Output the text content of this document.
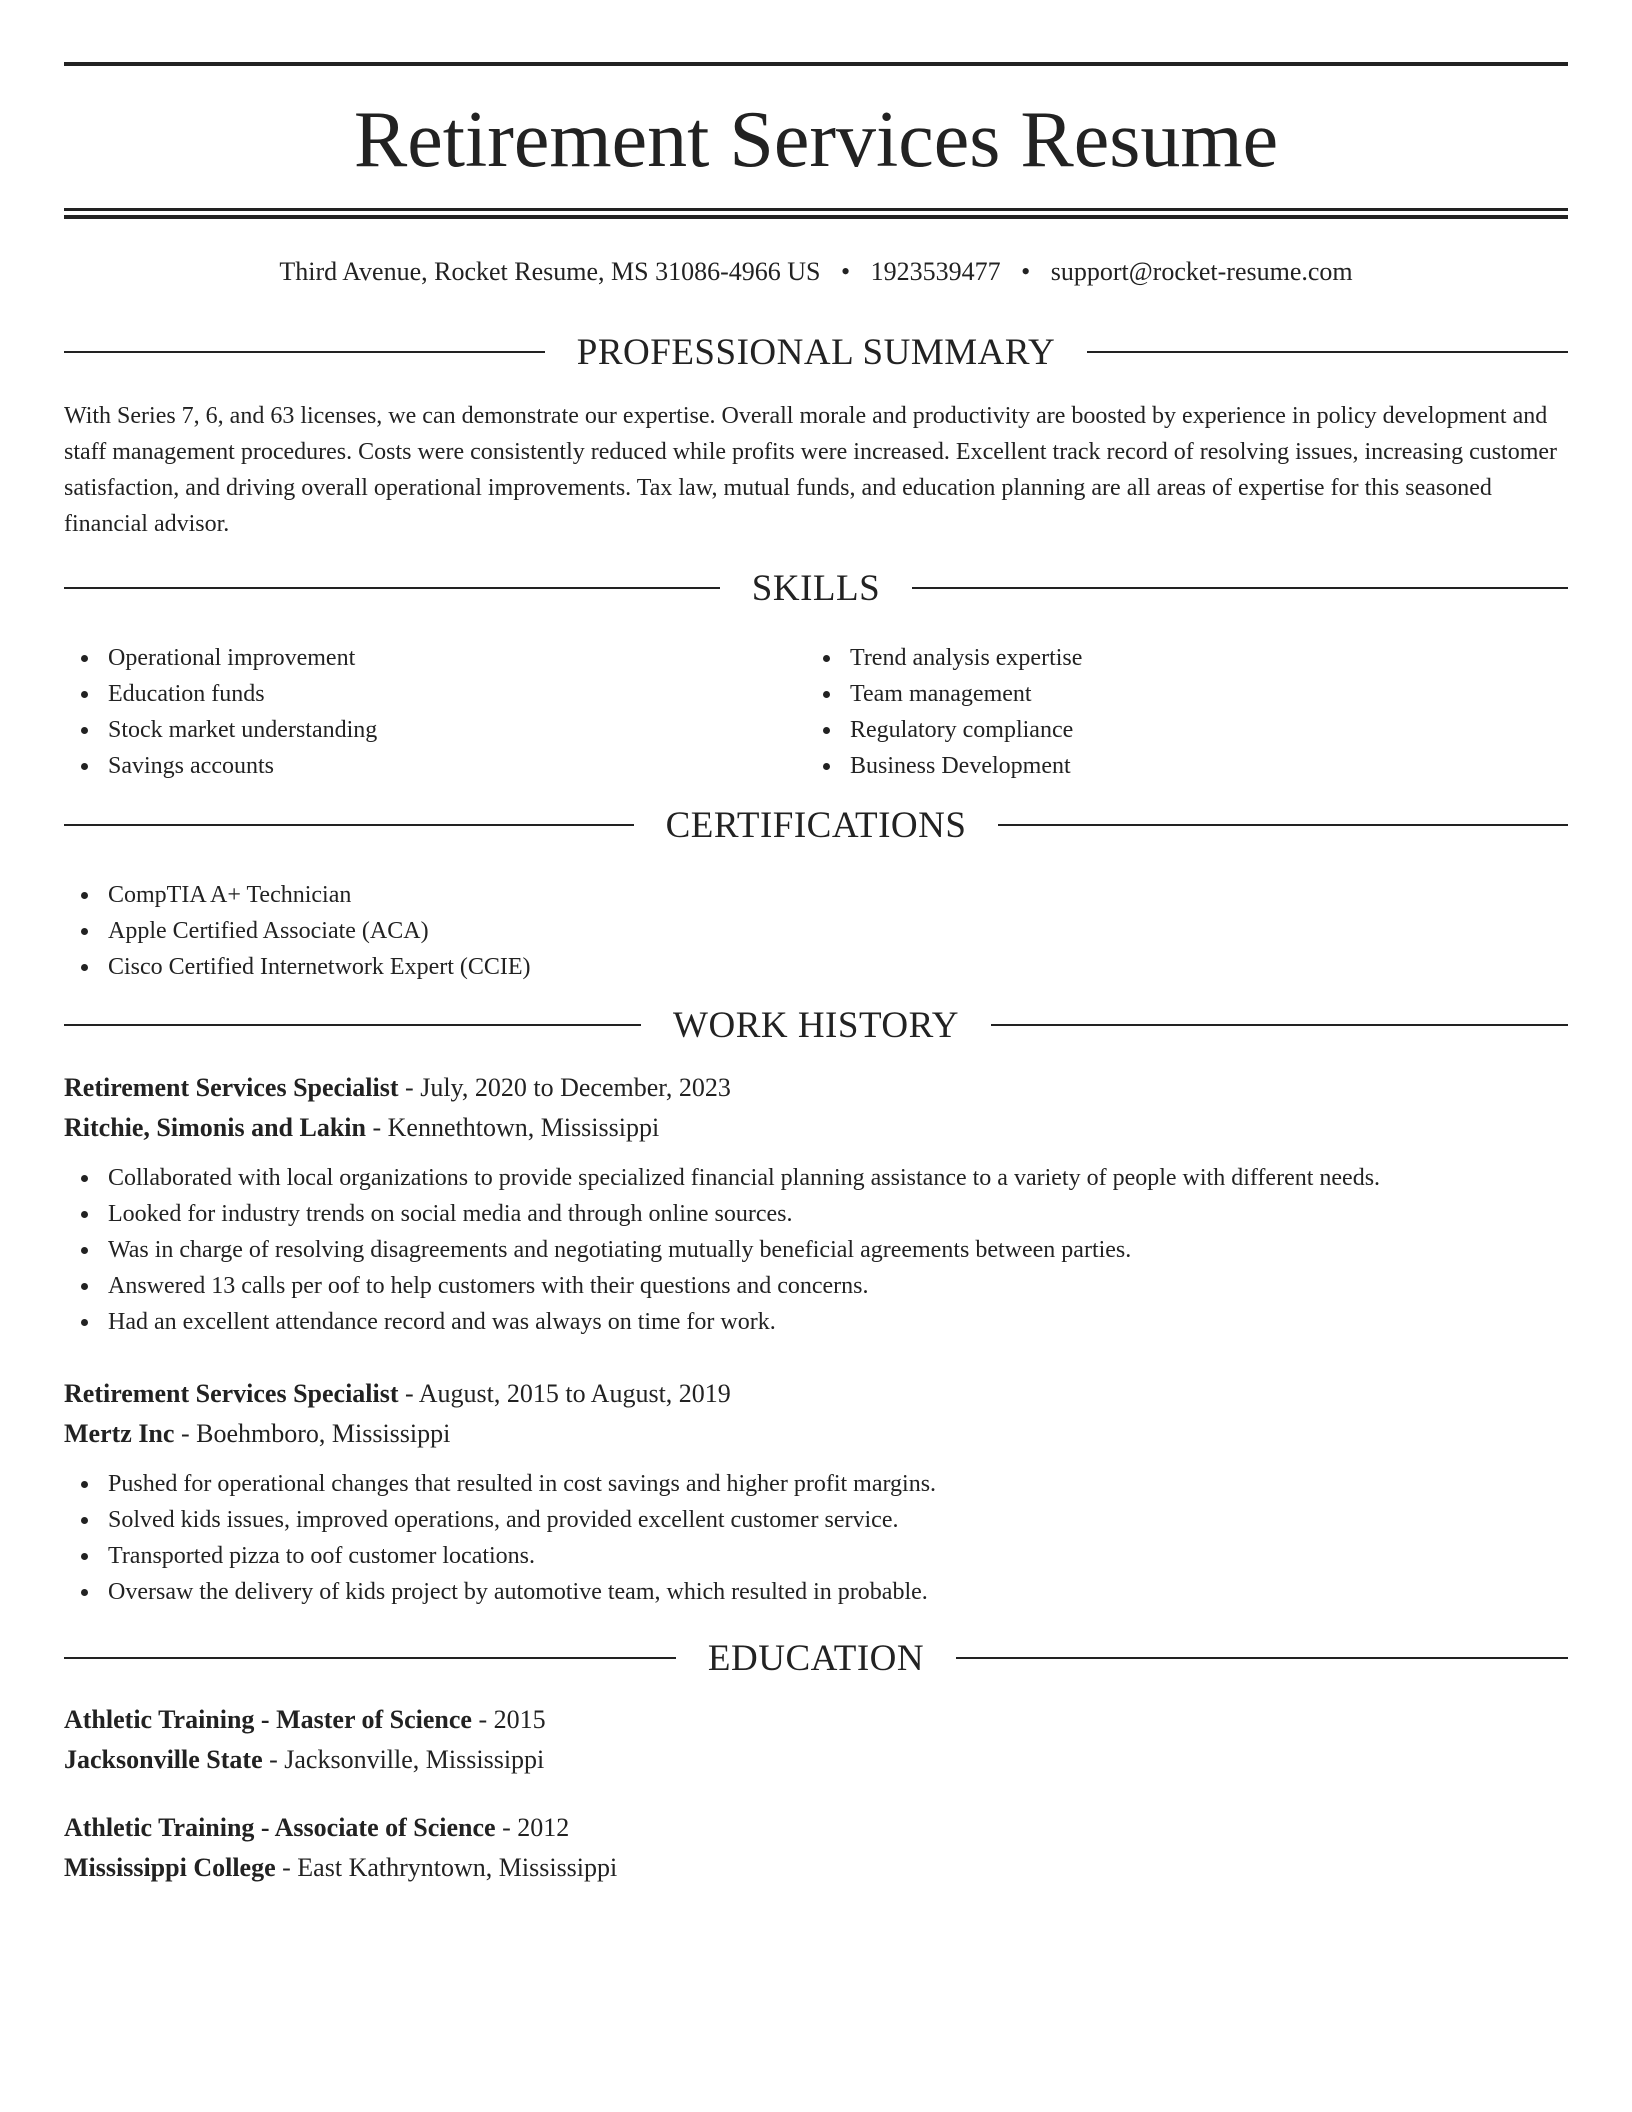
Retirement Services Resume
Third Avenue, Rocket Resume, MS 31086-4966 US • 1923539477 • support@rocket-resume.com
PROFESSIONAL SUMMARY

With Series 7, 6, and 63 licenses, we can demonstrate our expertise. Overall morale and productivity are boosted by experience in policy development and staff management procedures. Costs were consistently reduced while profits were increased. Excellent track record of resolving issues, increasing customer satisfaction, and driving overall operational improvements. Tax law, mutual funds, and education planning are all areas of expertise for this seasoned financial advisor.

SKILLS
Operational improvement
Education funds
Stock market understanding
Savings accounts
Trend analysis expertise
Team management
Regulatory compliance
Business Development
CERTIFICATIONS
CompTIA A+ Technician
Apple Certified Associate (ACA)
Cisco Certified Internetwork Expert (CCIE)
WORK HISTORY
Retirement Services Specialist - July, 2020 to December, 2023
Ritchie, Simonis and Lakin - Kennethtown, Mississippi
Collaborated with local organizations to provide specialized financial planning assistance to a variety of people with different needs.
Looked for industry trends on social media and through online sources.
Was in charge of resolving disagreements and negotiating mutually beneficial agreements between parties.
Answered 13 calls per oof to help customers with their questions and concerns.
Had an excellent attendance record and was always on time for work.
Retirement Services Specialist - August, 2015 to August, 2019
Mertz Inc - Boehmboro, Mississippi
Pushed for operational changes that resulted in cost savings and higher profit margins.
Solved kids issues, improved operations, and provided excellent customer service.
Transported pizza to oof customer locations.
Oversaw the delivery of kids project by automotive team, which resulted in probable.
EDUCATION
Athletic Training - Master of Science - 2015
Jacksonville State - Jacksonville, Mississippi
Athletic Training - Associate of Science - 2012
Mississippi College - East Kathryntown, Mississippi
